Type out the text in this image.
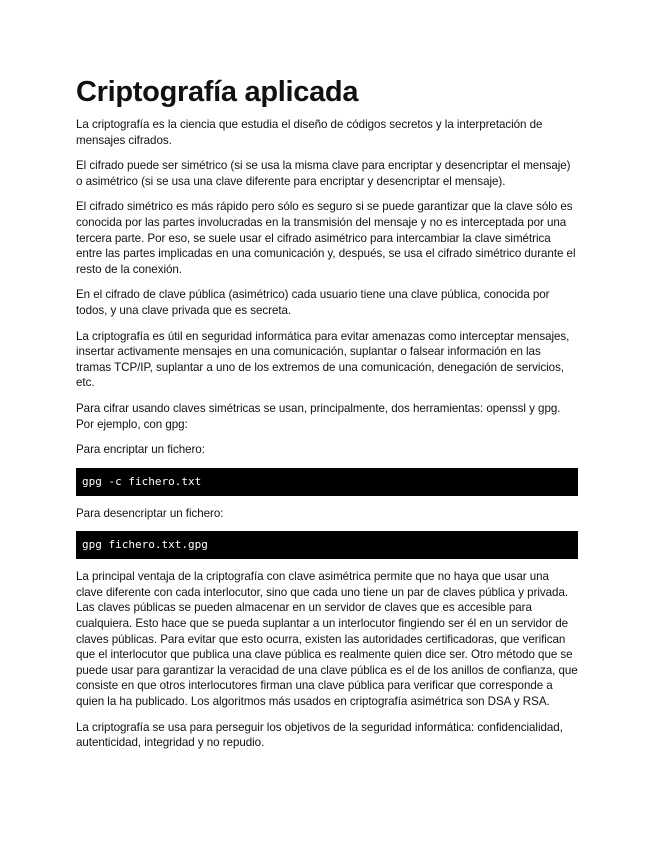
Criptografía aplicada

La criptografía es la ciencia que estudia el diseño de códigos secretos y la interpretación de mensajes cifrados.

El cifrado puede ser simétrico (si se usa la misma clave para encriptar y desencriptar el mensaje) o asimétrico (si se usa una clave diferente para encriptar y desencriptar el mensaje).

El cifrado simétrico es más rápido pero sólo es seguro si se puede garantizar que la clave sólo es conocida por las partes involucradas en la transmisión del mensaje y no es interceptada por una tercera parte. Por eso, se suele usar el cifrado asimétrico para intercambiar la clave simétrica entre las partes implicadas en una comunicación y, después, se usa el cifrado simétrico durante el resto de la conexión.

En el cifrado de clave pública (asimétrico) cada usuario tiene una clave pública, conocida por todos, y una clave privada que es secreta.

La criptografía es útil en seguridad informática para evitar amenazas como interceptar mensajes, insertar activamente mensajes en una comunicación, suplantar o falsear información en las tramas TCP/IP, suplantar a uno de los extremos de una comunicación, denegación de servicios, etc.

Para cifrar usando claves simétricas se usan, principalmente, dos herramientas: openssl y gpg. Por ejemplo, con gpg:

Para encriptar un fichero:

gpg -c fichero.txt

Para desencriptar un fichero:

gpg fichero.txt.gpg

La principal ventaja de la criptografía con clave asimétrica permite que no haya que usar una clave diferente con cada interlocutor, sino que cada uno tiene un par de claves pública y privada. Las claves públicas se pueden almacenar en un servidor de claves que es accesible para cualquiera. Esto hace que se pueda suplantar a un interlocutor fingiendo ser él en un servidor de claves públicas. Para evitar que esto ocurra, existen las autoridades certificadoras, que verifican que el interlocutor que publica una clave pública es realmente quien dice ser. Otro método que se puede usar para garantizar la veracidad de una clave pública es el de los anillos de confianza, que consiste en que otros interlocutores firman una clave pública para verificar que corresponde a quien la ha publicado. Los algoritmos más usados en criptografía asimétrica son DSA y RSA.

La criptografía se usa para perseguir los objetivos de la seguridad informática: confidencialidad, autenticidad, integridad y no repudio.
